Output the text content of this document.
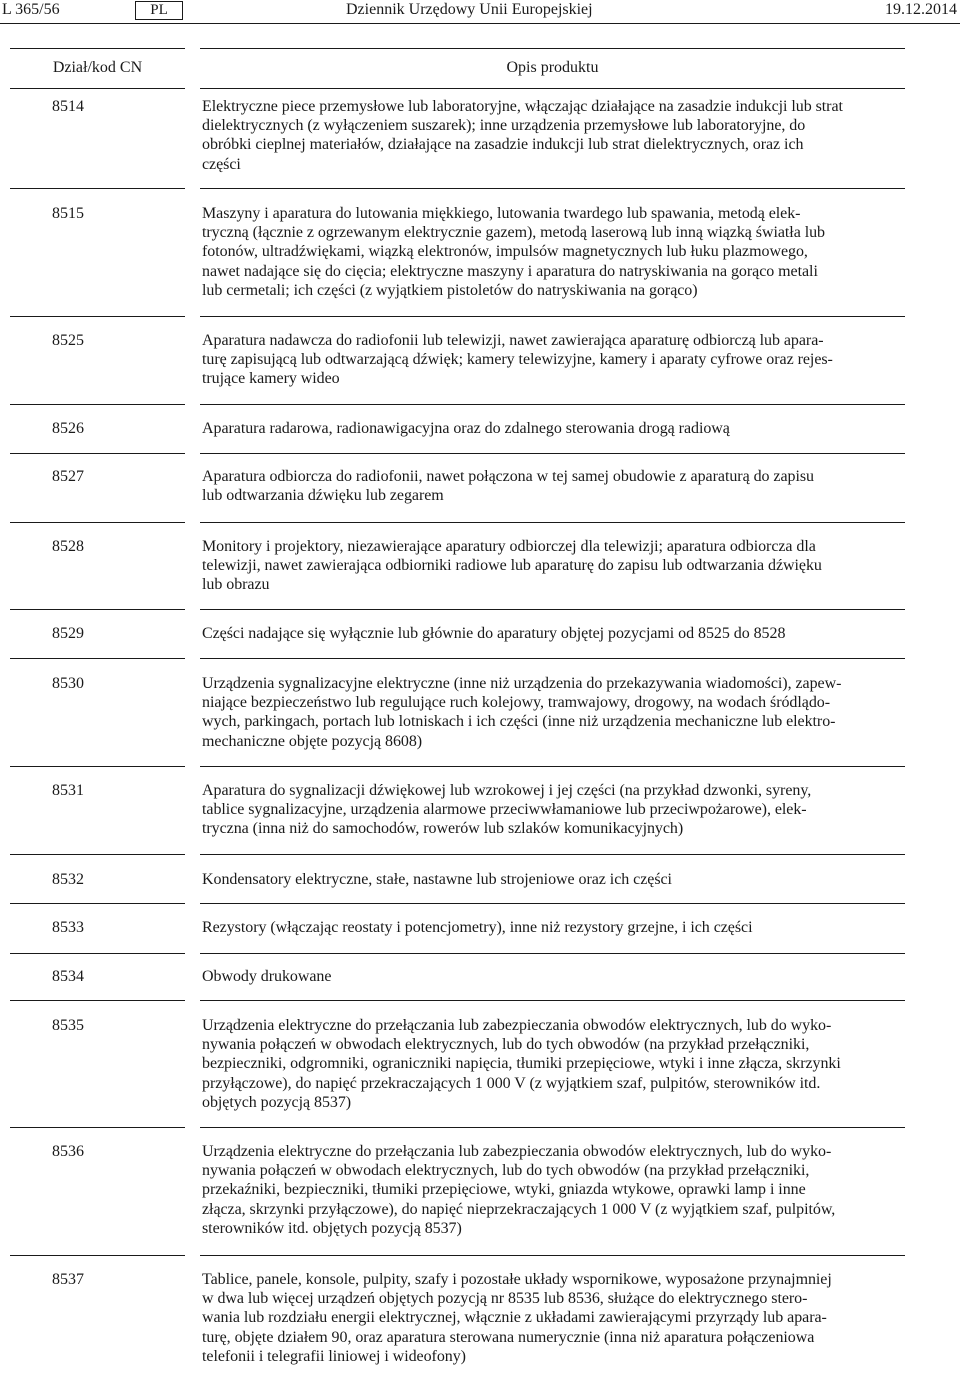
L 365/56	PL	Dziennik Urzędowy Unii Europejskiej	19.12.2014
Dział/kod CN	Opis produktu
8514	Elektryczne piece przemysłowe lub laboratoryjne, włączając działające na zasadzie indukcji lub strat
dielektrycznych (z wyłączeniem suszarek); inne urządzenia przemysłowe lub laboratoryjne, do
obróbki cieplnej materiałów, działające na zasadzie indukcji lub strat dielektrycznych, oraz ich
części
8515	Maszyny i aparatura do lutowania miękkiego, lutowania twardego lub spawania, metodą elek-
tryczną (łącznie z ogrzewanym elektrycznie gazem), metodą laserową lub inną wiązką światła lub
fotonów, ultradźwiękami, wiązką elektronów, impulsów magnetycznych lub łuku plazmowego,
nawet nadające się do cięcia; elektryczne maszyny i aparatura do natryskiwania na gorąco metali
lub cermetali; ich części (z wyjątkiem pistoletów do natryskiwania na gorąco)
8525	Aparatura nadawcza do radiofonii lub telewizji, nawet zawierająca aparaturę odbiorczą lub apara-
turę zapisującą lub odtwarzającą dźwięk; kamery telewizyjne, kamery i aparaty cyfrowe oraz rejes-
trujące kamery wideo
8526	Aparatura radarowa, radionawigacyjna oraz do zdalnego sterowania drogą radiową
8527	Aparatura odbiorcza do radiofonii, nawet połączona w tej samej obudowie z aparaturą do zapisu
lub odtwarzania dźwięku lub zegarem
8528	Monitory i projektory, niezawierające aparatury odbiorczej dla telewizji; aparatura odbiorcza dla
telewizji, nawet zawierająca odbiorniki radiowe lub aparaturę do zapisu lub odtwarzania dźwięku
lub obrazu
8529	Części nadające się wyłącznie lub głównie do aparatury objętej pozycjami od 8525 do 8528
8530	Urządzenia sygnalizacyjne elektryczne (inne niż urządzenia do przekazywania wiadomości), zapew-
niające bezpieczeństwo lub regulujące ruch kolejowy, tramwajowy, drogowy, na wodach śródlądo-
wych, parkingach, portach lub lotniskach i ich części (inne niż urządzenia mechaniczne lub elektro-
mechaniczne objęte pozycją 8608)
8531	Aparatura do sygnalizacji dźwiękowej lub wzrokowej i jej części (na przykład dzwonki, syreny,
tablice sygnalizacyjne, urządzenia alarmowe przeciwwłamaniowe lub przeciwpożarowe), elek-
tryczna (inna niż do samochodów, rowerów lub szlaków komunikacyjnych)
8532	Kondensatory elektryczne, stałe, nastawne lub strojeniowe oraz ich części
8533	Rezystory (włączając reostaty i potencjometry), inne niż rezystory grzejne, i ich części
8534	Obwody drukowane
8535	Urządzenia elektryczne do przełączania lub zabezpieczania obwodów elektrycznych, lub do wyko-
nywania połączeń w obwodach elektrycznych, lub do tych obwodów (na przykład przełączniki,
bezpieczniki, odgromniki, ograniczniki napięcia, tłumiki przepięciowe, wtyki i inne złącza, skrzynki
przyłączowe), do napięć przekraczających 1 000 V (z wyjątkiem szaf, pulpitów, sterowników itd.
objętych pozycją 8537)
8536	Urządzenia elektryczne do przełączania lub zabezpieczania obwodów elektrycznych, lub do wyko-
nywania połączeń w obwodach elektrycznych, lub do tych obwodów (na przykład przełączniki,
przekaźniki, bezpieczniki, tłumiki przepięciowe, wtyki, gniazda wtykowe, oprawki lamp i inne
złącza, skrzynki przyłączowe), do napięć nieprzekraczających 1 000 V (z wyjątkiem szaf, pulpitów,
sterowników itd. objętych pozycją 8537)
8537	Tablice, panele, konsole, pulpity, szafy i pozostałe układy wspornikowe, wyposażone przynajmniej
w dwa lub więcej urządzeń objętych pozycją nr 8535 lub 8536, służące do elektrycznego stero-
wania lub rozdziału energii elektrycznej, włącznie z układami zawierającymi przyrządy lub apara-
turę, objęte działem 90, oraz aparatura sterowana numerycznie (inna niż aparatura połączeniowa
telefonii i telegrafii liniowej i wideofony)
